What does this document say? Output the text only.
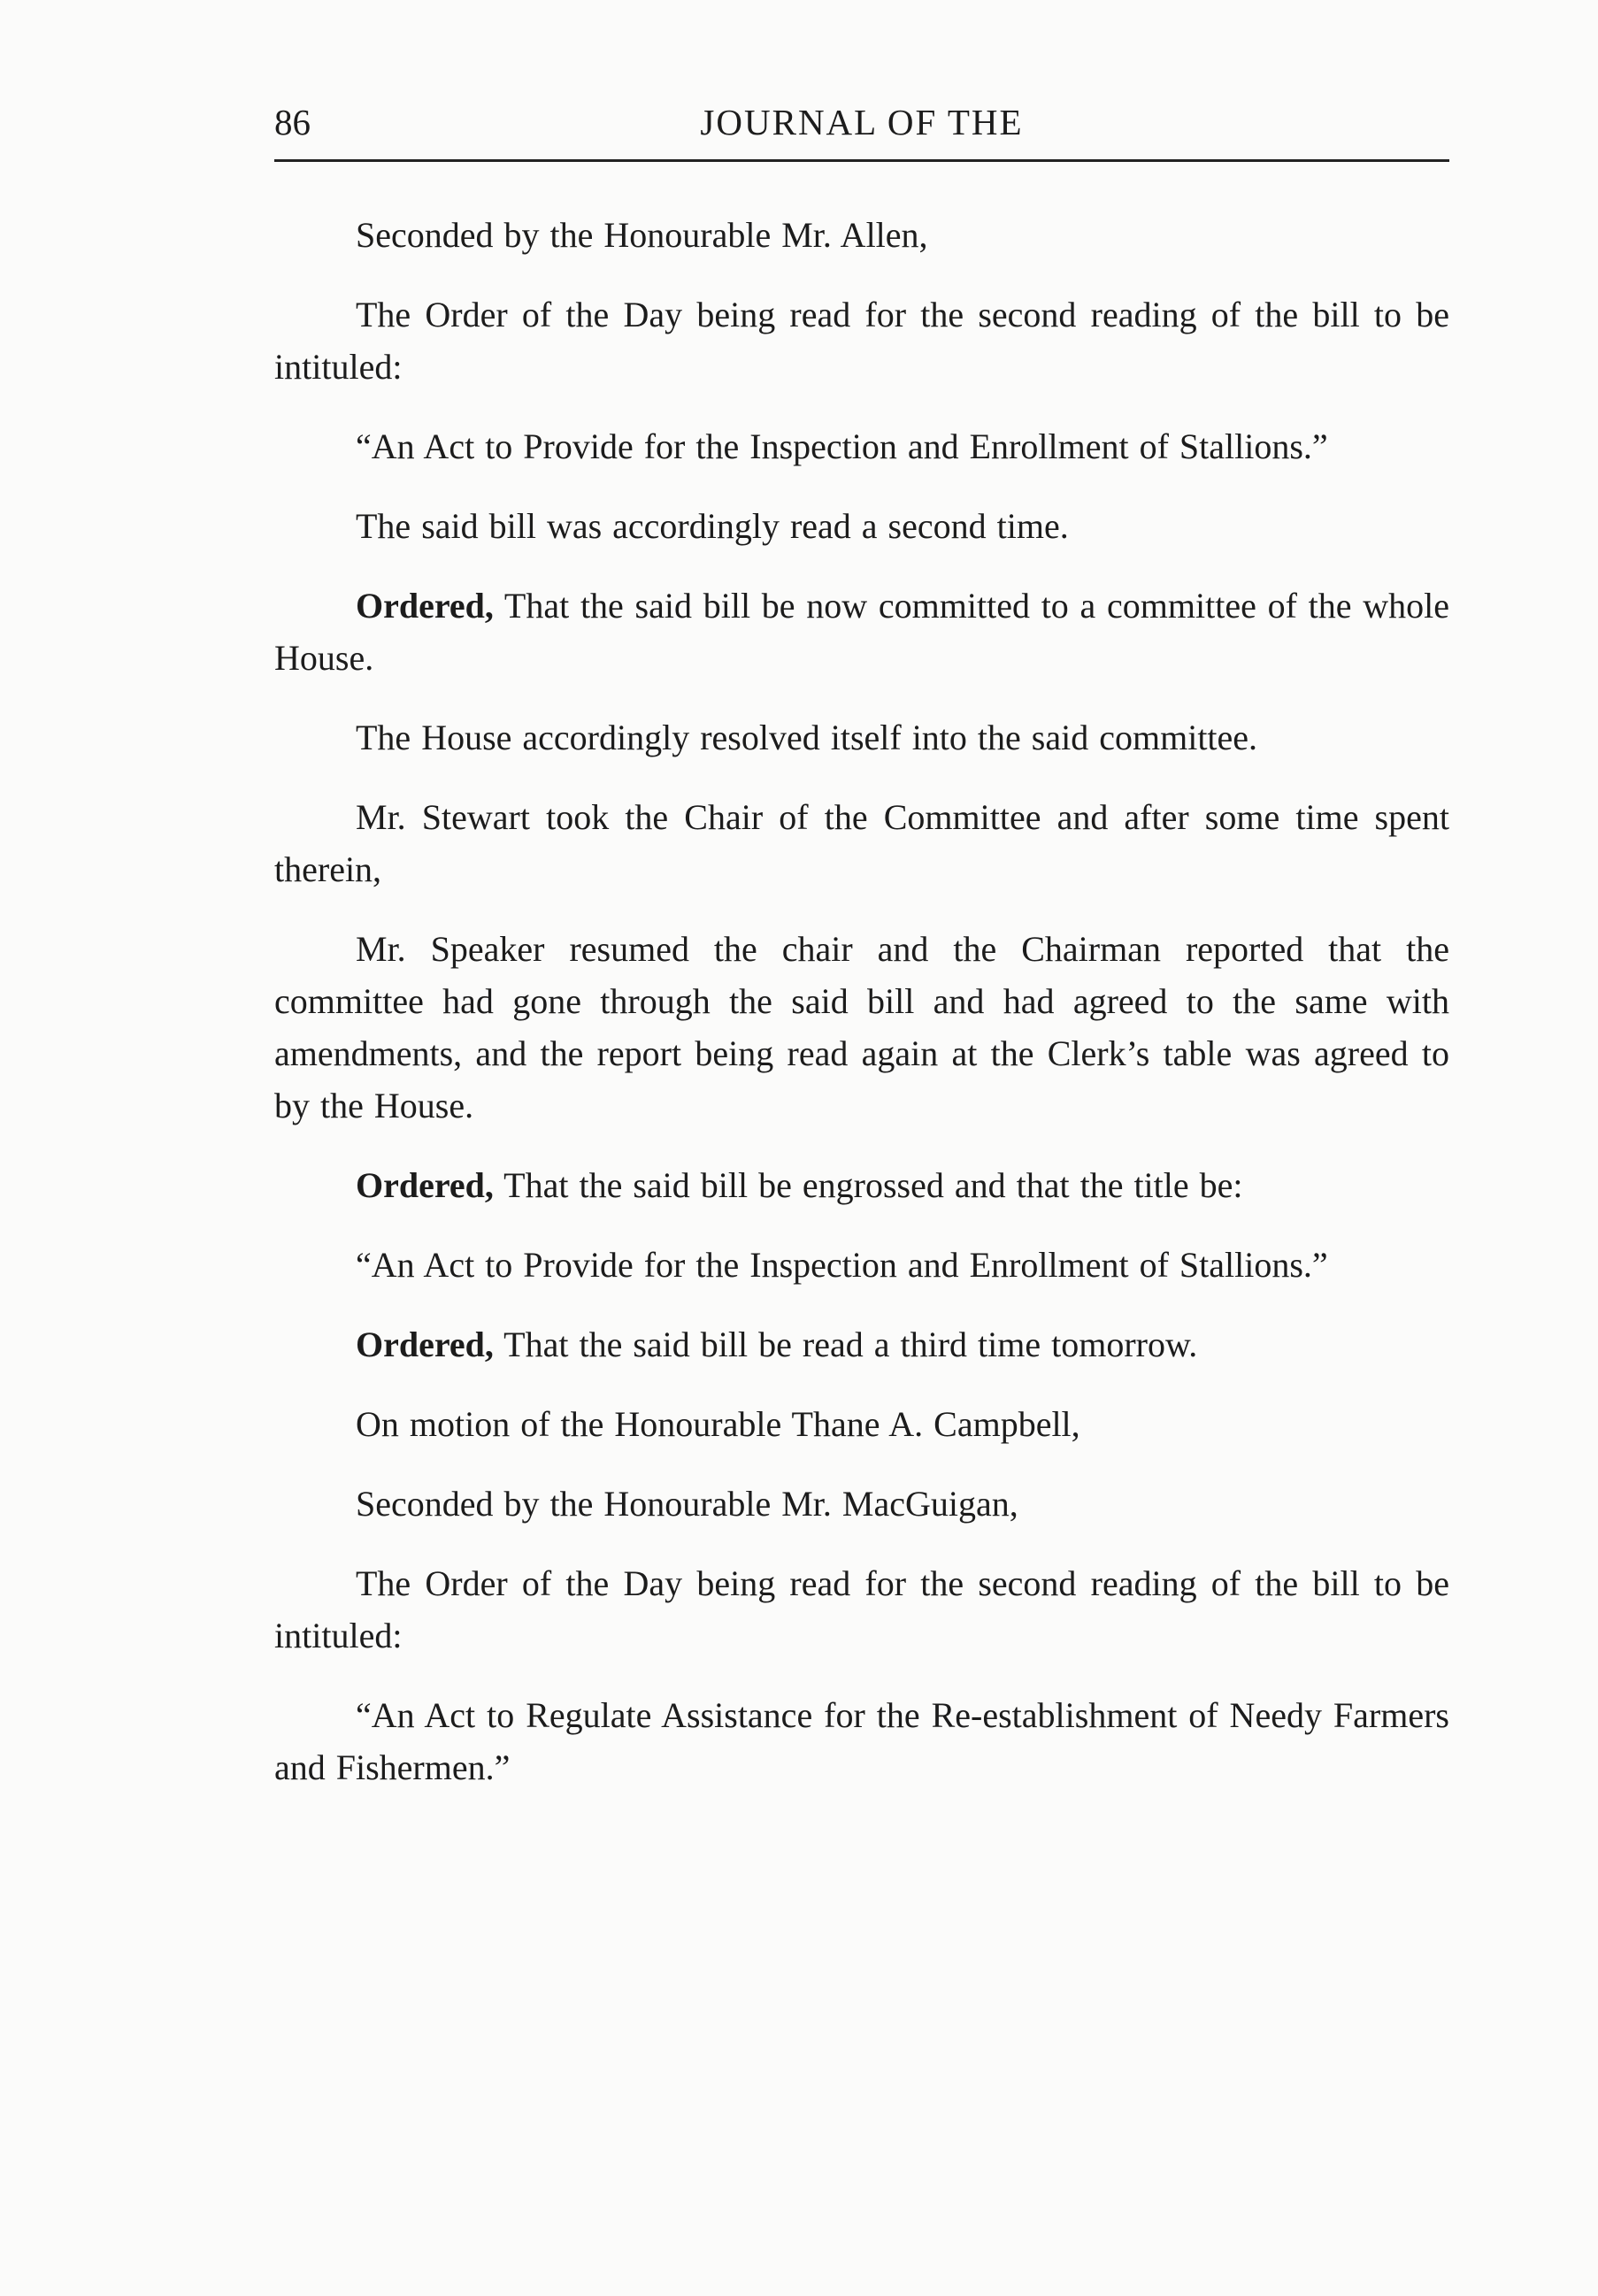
86	JOURNAL OF THE

Seconded by the Honourable Mr. Allen,

The Order of the Day being read for the second reading of the bill to be intituled:

“An Act to Provide for the Inspection and Enrollment of Stallions.”

The said bill was accordingly read a second time.

Ordered, That the said bill be now committed to a committee of the whole House.

The House accordingly resolved itself into the said committee.

Mr. Stewart took the Chair of the Committee and after some time spent therein,

Mr. Speaker resumed the chair and the Chairman reported that the committee had gone through the said bill and had agreed to the same with amendments, and the report being read again at the Clerk’s table was agreed to by the House.

Ordered, That the said bill be engrossed and that the title be:

“An Act to Provide for the Inspection and Enrollment of Stallions.”

Ordered, That the said bill be read a third time tomorrow.

On motion of the Honourable Thane A. Campbell,

Seconded by the Honourable Mr. MacGuigan,

The Order of the Day being read for the second reading of the bill to be intituled:

“An Act to Regulate Assistance for the Re-establishment of Needy Farmers and Fishermen.”
